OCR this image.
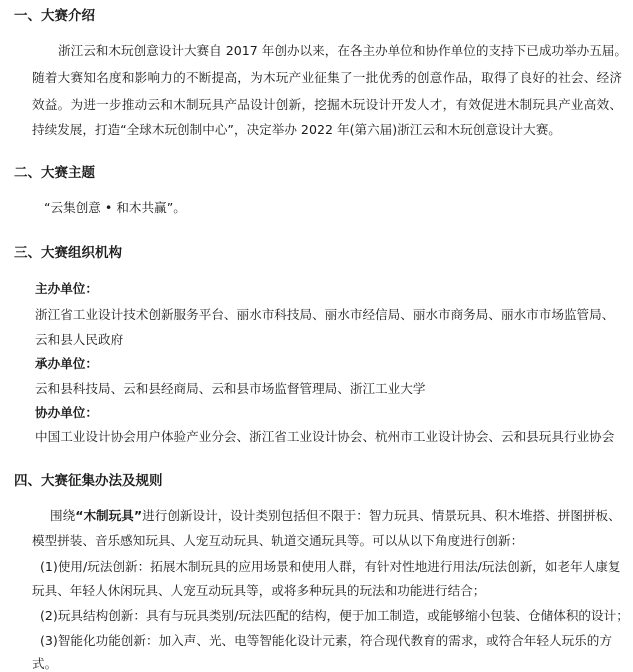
一、大赛介绍
浙江云和木玩创意设计大赛自 2017 年创办以来，在各主办单位和协作单位的支持下已成功举办五届。
随着大赛知名度和影响力的不断提高，为木玩产业征集了一批优秀的创意作品，取得了良好的社会、经济
效益。为进一步推动云和木制玩具产品设计创新，挖掘木玩设计开发人才，有效促进木制玩具产业高效、
持续发展，打造“全球木玩创制中心”，决定举办 2022 年(第六届)浙江云和木玩创意设计大赛。
二、大赛主题
“云集创意 • 和木共赢”。
三、大赛组织机构
主办单位：
浙江省工业设计技术创新服务平台、丽水市科技局、丽水市经信局、丽水市商务局、丽水市市场监管局、
云和县人民政府
承办单位：
云和县科技局、云和县经商局、云和县市场监督管理局、浙江工业大学
协办单位：
中国工业设计协会用户体验产业分会、浙江省工业设计协会、杭州市工业设计协会、云和县玩具行业协会
四、大赛征集办法及规则
围绕“木制玩具”进行创新设计，设计类别包括但不限于：智力玩具、情景玩具、积木堆搭、拼图拼板、
模型拼装、音乐感知玩具、人宠互动玩具、轨道交通玩具等。可以从以下角度进行创新：
(1)使用/玩法创新：拓展木制玩具的应用场景和使用人群，有针对性地进行用法/玩法创新，如老年人康复
玩具、年轻人休闲玩具、人宠互动玩具等，或将多种玩具的玩法和功能进行结合；
(2)玩具结构创新：具有与玩具类别/玩法匹配的结构，便于加工制造，或能够缩小包装、仓储体积的设计；
(3)智能化功能创新：加入声、光、电等智能化设计元素，符合现代教育的需求，或符合年轻人玩乐的方
式。
